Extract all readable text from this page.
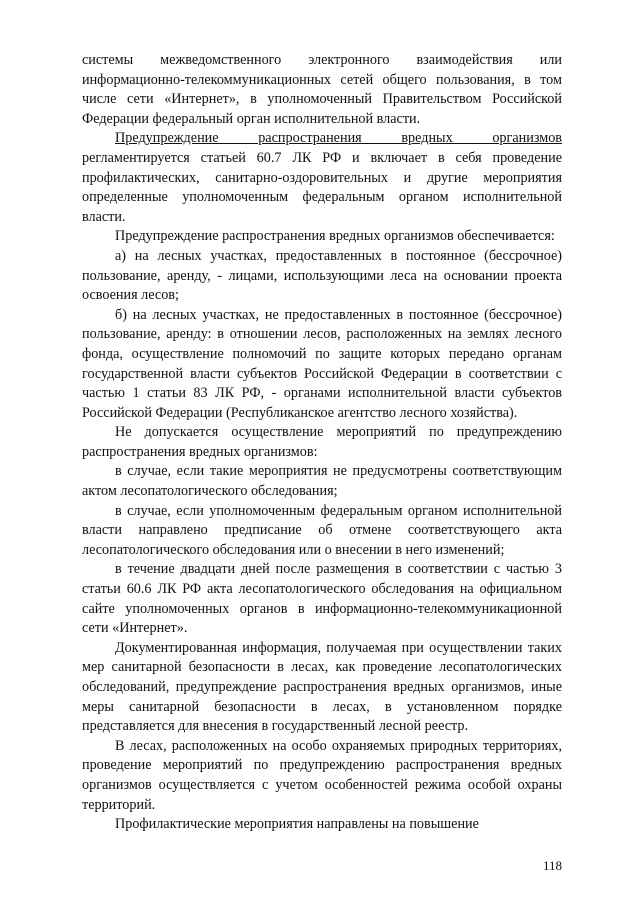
системы межведомственного электронного взаимодействия или информационно-телекоммуникационных сетей общего пользования, в том числе сети «Интернет», в уполномоченный Правительством Российской Федерации федеральный орган исполнительной власти.

Предупреждение распространения вредных организмов регламентируется статьей 60.7 ЛК РФ и включает в себя проведение профилактических, санитарно-оздоровительных и другие мероприятия определенные уполномоченным федеральным органом исполнительной власти.

Предупреждение распространения вредных организмов обеспечивается:

а) на лесных участках, предоставленных в постоянное (бессрочное) пользование, аренду, - лицами, использующими леса на основании проекта освоения лесов;

б) на лесных участках, не предоставленных в постоянное (бессрочное) пользование, аренду: в отношении лесов, расположенных на землях лесного фонда, осуществление полномочий по защите которых передано органам государственной власти субъектов Российской Федерации в соответствии с частью 1 статьи 83 ЛК РФ, - органами исполнительной власти субъектов Российской Федерации (Республиканское агентство лесного хозяйства).

Не допускается осуществление мероприятий по предупреждению распространения вредных организмов:

в случае, если такие мероприятия не предусмотрены соответствующим актом лесопатологического обследования;

в случае, если уполномоченным федеральным органом исполнительной власти направлено предписание об отмене соответствующего акта лесопатологического обследования или о внесении в него изменений;

в течение двадцати дней после размещения в соответствии с частью 3 статьи 60.6 ЛК РФ акта лесопатологического обследования на официальном сайте уполномоченных органов в информационно-телекоммуникационной сети «Интернет».

Документированная информация, получаемая при осуществлении таких мер санитарной безопасности в лесах, как проведение лесопатологических обследований, предупреждение распространения вредных организмов, иные меры санитарной безопасности в лесах, в установленном порядке представляется для внесения в государственный лесной реестр.

В лесах, расположенных на особо охраняемых природных территориях, проведение мероприятий по предупреждению распространения вредных организмов осуществляется с учетом особенностей режима особой охраны территорий.

Профилактические мероприятия направлены на повышение

118
